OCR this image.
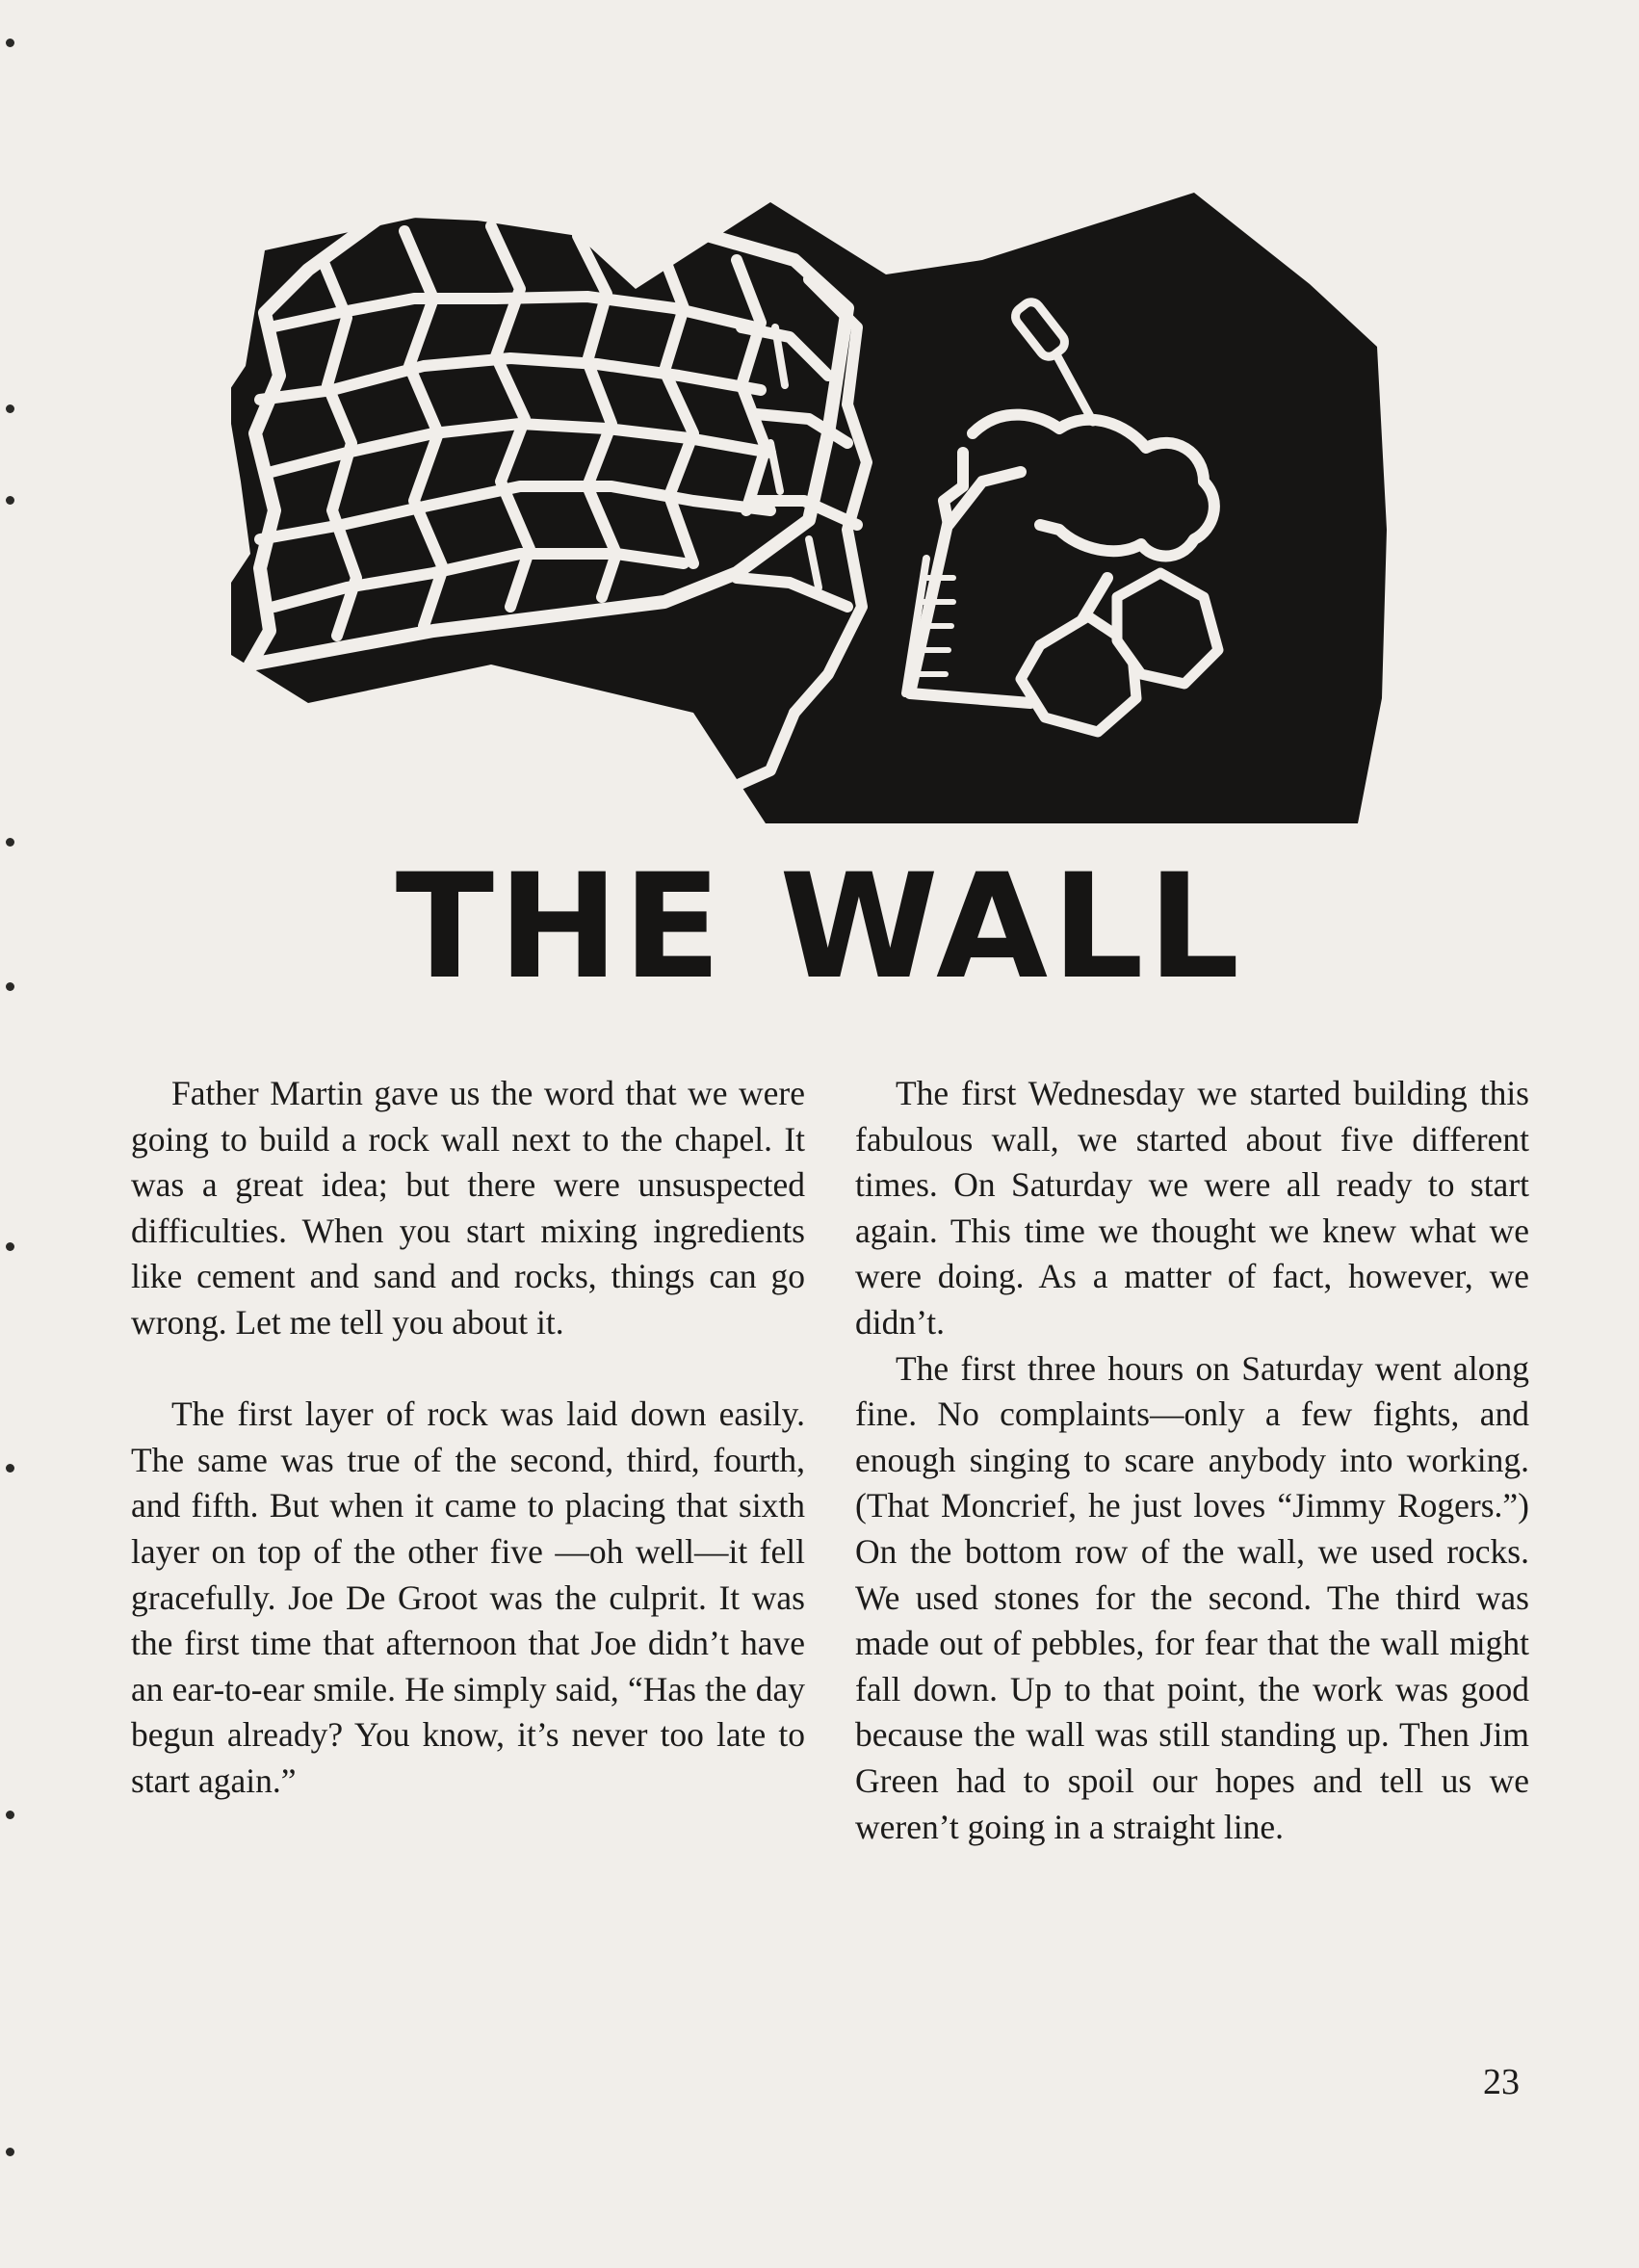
THE WALL

Father Martin gave us the word that we were going to build a rock wall next to the chapel. It was a great idea; but there were unsuspected difficulties. When you start mixing ingredients like cement and sand and rocks, things can go wrong. Let me tell you about it.

The first layer of rock was laid down easily. The same was true of the second, third, fourth, and fifth. But when it came to placing that sixth layer on top of the other five —oh well—it fell gracefully. Joe De Groot was the culprit. It was the first time that afternoon that Joe didn’t have an ear-to-ear smile. He simply said, “Has the day begun already? You know, it’s never too late to start again.”

The first Wednesday we started building this fabulous wall, we started about five different times. On Saturday we were all ready to start again. This time we thought we knew what we were doing. As a matter of fact, however, we didn’t.

The first three hours on Saturday went along fine. No complaints—only a few fights, and enough singing to scare anybody into working. (That Moncrief, he just loves “Jimmy Rogers.”) On the bottom row of the wall, we used rocks. We used stones for the second. The third was made out of pebbles, for fear that the wall might fall down. Up to that point, the work was good because the wall was still standing up. Then Jim Green had to spoil our hopes and tell us we weren’t going in a straight line.

23
